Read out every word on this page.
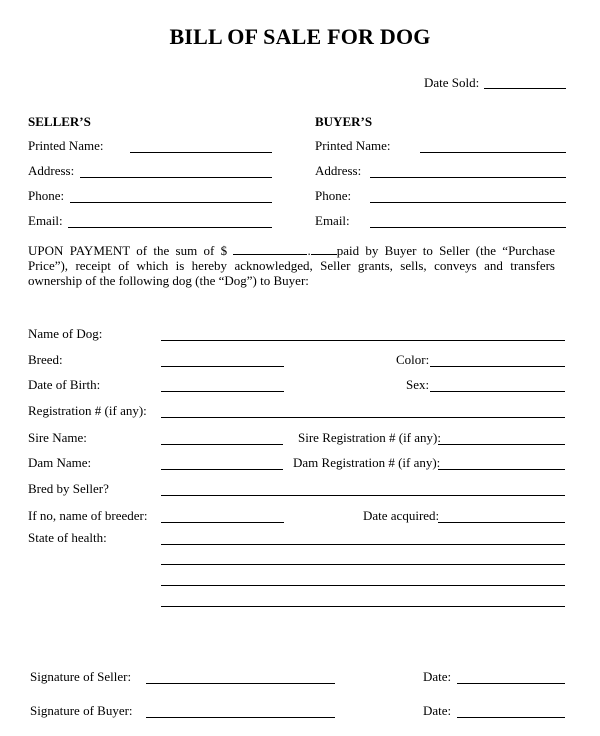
BILL OF SALE FOR DOG
Date Sold:
SELLER’S
Printed Name:
Address:
Phone:
Email:
BUYER’S
Printed Name:
Address:
Phone:
Email:
UPON PAYMENT of the sum of $	. paid by Buyer to Seller (the “Purchase Price”), receipt of which is hereby acknowledged, Seller grants, sells, conveys and transfers ownership of the following dog (the “Dog”) to Buyer:
Name of Dog:
Breed:	Color:
Date of Birth:	Sex:
Registration # (if any):
Sire Name:	Sire Registration # (if any):
Dam Name:	Dam Registration # (if any):
Bred by Seller?
If no, name of breeder:	Date acquired:
State of health:
Signature of Seller:	Date:
Signature of Buyer:	Date:
